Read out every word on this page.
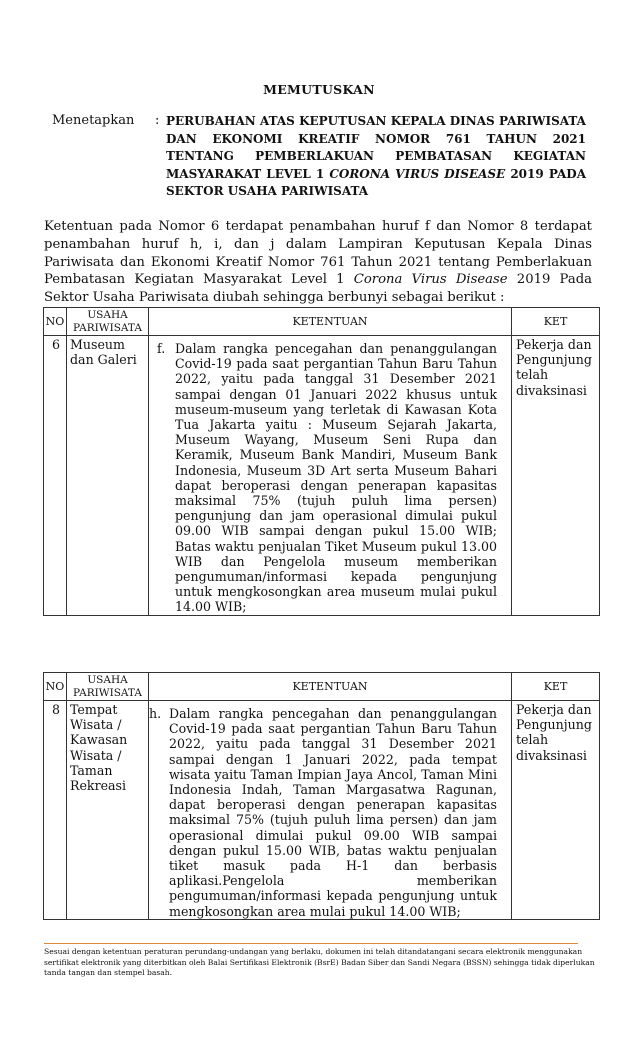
MEMUTUSKAN
Menetapkan : PERUBAHAN ATAS KEPUTUSAN KEPALA DINAS PARIWISATA DAN EKONOMI KREATIF NOMOR 761 TAHUN 2021 TENTANG PEMBERLAKUAN PEMBATASAN KEGIATAN MASYARAKAT LEVEL 1 CORONA VIRUS DISEASE 2019 PADA SEKTOR USAHA PARIWISATA
Ketentuan pada Nomor 6 terdapat penambahan huruf f dan Nomor 8 terdapat penambahan huruf h, i, dan j dalam Lampiran Keputusan Kepala Dinas Pariwisata dan Ekonomi Kreatif Nomor 761 Tahun 2021 tentang Pemberlakuan Pembatasan Kegiatan Masyarakat Level 1 Corona Virus Disease 2019 Pada Sektor Usaha Pariwisata diubah sehingga berbunyi sebagai berikut :
NO	USAHA PARIWISATA	KETENTUAN	KET
6	Museum dan Galeri	f. Dalam rangka pencegahan dan penanggulangan Covid-19 pada saat pergantian Tahun Baru Tahun 2022, yaitu pada tanggal 31 Desember 2021 sampai dengan 01 Januari 2022 khusus untuk museum-museum yang terletak di Kawasan Kota Tua Jakarta yaitu : Museum Sejarah Jakarta, Museum Wayang, Museum Seni Rupa dan Keramik, Museum Bank Mandiri, Museum Bank Indonesia, Museum 3D Art serta Museum Bahari dapat beroperasi dengan penerapan kapasitas maksimal 75% (tujuh puluh lima persen) pengunjung dan jam operasional dimulai pukul 09.00 WIB sampai dengan pukul 15.00 WIB; Batas waktu penjualan Tiket Museum pukul 13.00 WIB dan Pengelola museum memberikan pengumuman/informasi kepada pengunjung untuk mengkosongkan area museum mulai pukul 14.00 WIB;	Pekerja dan Pengunjung telah divaksinasi
NO	USAHA PARIWISATA	KETENTUAN	KET
8	Tempat Wisata / Kawasan Wisata / Taman Rekreasi	h. Dalam rangka pencegahan dan penanggulangan Covid-19 pada saat pergantian Tahun Baru Tahun 2022, yaitu pada tanggal 31 Desember 2021 sampai dengan 1 Januari 2022, pada tempat wisata yaitu Taman Impian Jaya Ancol, Taman Mini Indonesia Indah, Taman Margasatwa Ragunan, dapat beroperasi dengan penerapan kapasitas maksimal 75% (tujuh puluh lima persen) dan jam operasional dimulai pukul 09.00 WIB sampai dengan pukul 15.00 WIB, batas waktu penjualan tiket masuk pada H-1 dan berbasis aplikasi.Pengelola memberikan pengumuman/informasi kepada pengunjung untuk mengkosongkan area mulai pukul 14.00 WIB;	Pekerja dan Pengunjung telah divaksinasi
Sesuai dengan ketentuan peraturan perundang-undangan yang berlaku, dokumen ini telah ditandatangani secara elektronik menggunakan sertifikat elektronik yang diterbitkan oleh Balai Sertifikasi Elektronik (BsrE) Badan Siber dan Sandi Negara (BSSN) sehingga tidak diperlukan tanda tangan dan stempel basah.
